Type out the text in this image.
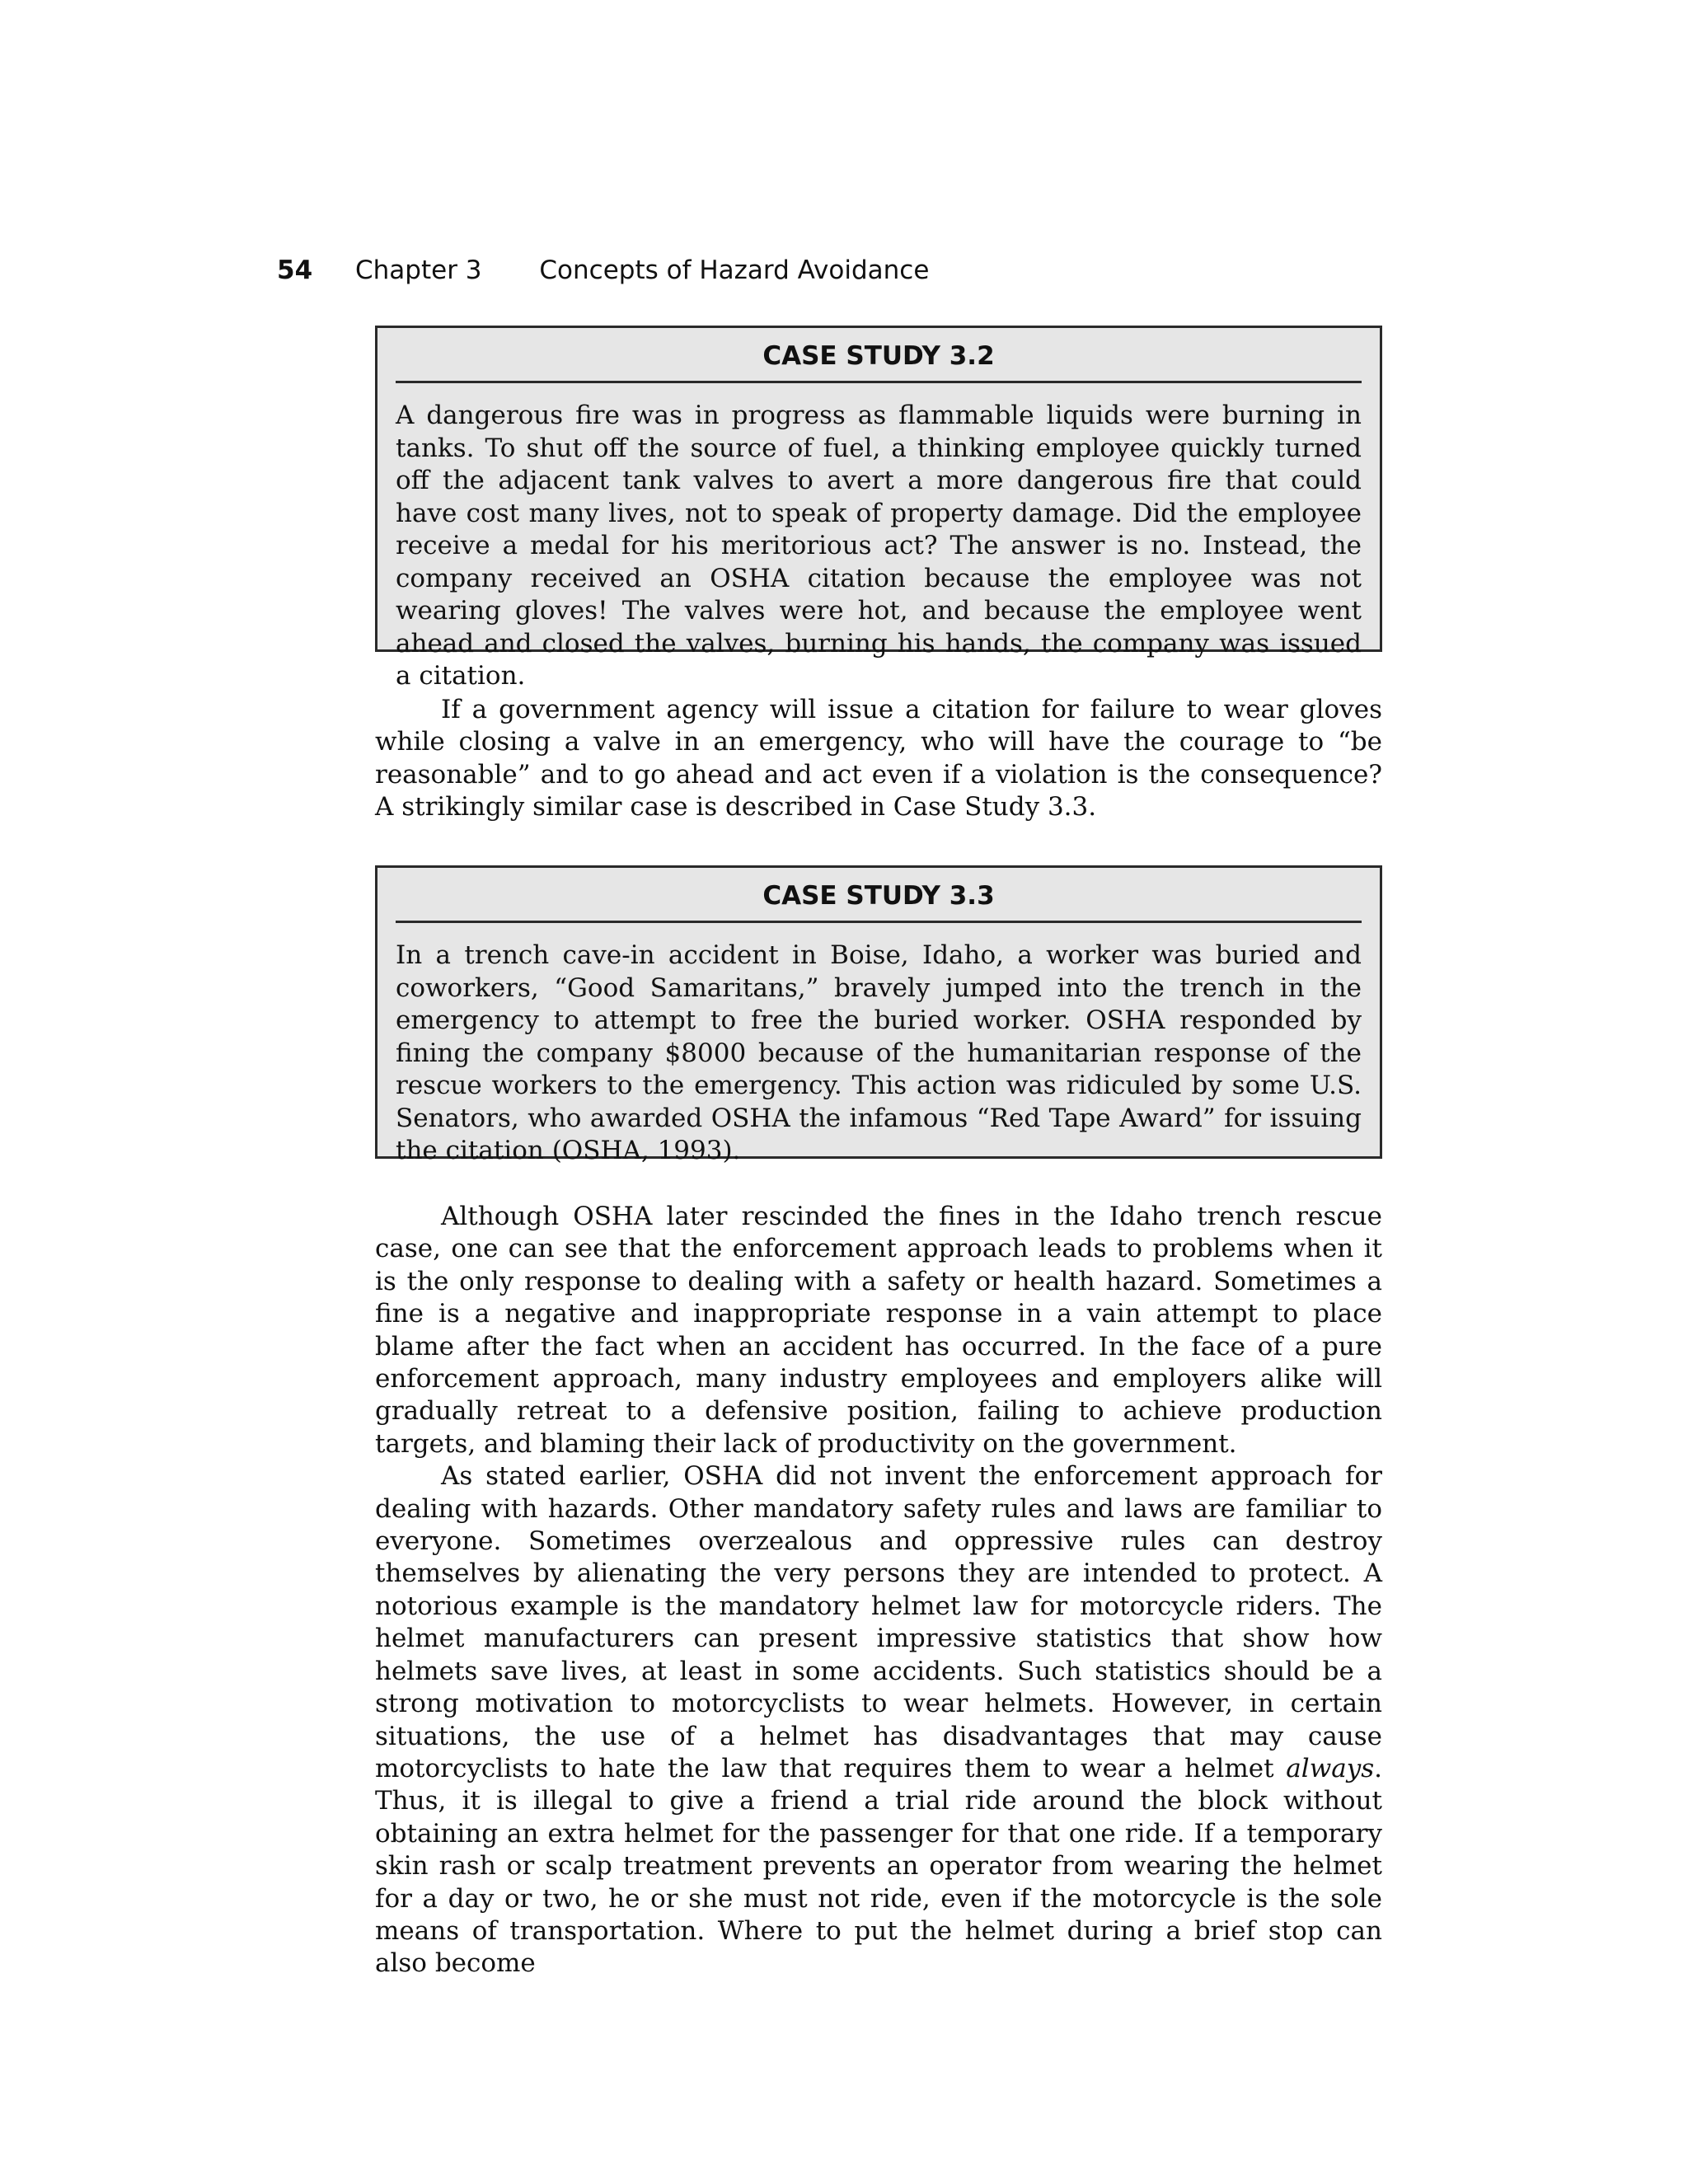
54 Chapter 3 Concepts of Hazard Avoidance
CASE STUDY 3.2

A dangerous fire was in progress as flammable liquids were burning in tanks. To shut off the source of fuel, a thinking employee quickly turned off the adjacent tank valves to avert a more dangerous fire that could have cost many lives, not to speak of property damage. Did the employee receive a medal for his meritorious act? The answer is no. Instead, the company received an OSHA citation because the employee was not wearing gloves! The valves were hot, and because the employee went ahead and closed the valves, burning his hands, the company was issued a citation.

If a government agency will issue a citation for failure to wear gloves while closing a valve in an emergency, who will have the courage to “be reasonable” and to go ahead and act even if a violation is the consequence? A strikingly similar case is described in Case Study 3.3.

CASE STUDY 3.3

In a trench cave-in accident in Boise, Idaho, a worker was buried and coworkers, “Good Samaritans,” bravely jumped into the trench in the emergency to attempt to free the buried worker. OSHA responded by fining the company $8000 because of the humanitarian response of the rescue workers to the emergency. This action was ridiculed by some U.S. Senators, who awarded OSHA the infamous “Red Tape Award” for issuing the citation (OSHA, 1993).

Although OSHA later rescinded the fines in the Idaho trench rescue case, one can see that the enforcement approach leads to problems when it is the only response to dealing with a safety or health hazard. Sometimes a fine is a negative and inappropriate response in a vain attempt to place blame after the fact when an accident has occurred. In the face of a pure enforcement approach, many industry employees and employers alike will gradually retreat to a defensive position, failing to achieve production targets, and blaming their lack of productivity on the government.

As stated earlier, OSHA did not invent the enforcement approach for dealing with hazards. Other mandatory safety rules and laws are familiar to everyone. Sometimes overzealous and oppressive rules can destroy themselves by alienating the very persons they are intended to protect. A notorious example is the mandatory helmet law for motorcycle riders. The helmet manufacturers can present impressive statistics that show how helmets save lives, at least in some accidents. Such statistics should be a strong motivation to motorcyclists to wear helmets. However, in certain situations, the use of a helmet has disadvantages that may cause motorcyclists to hate the law that requires them to wear a helmet always. Thus, it is illegal to give a friend a trial ride around the block without obtaining an extra helmet for the passenger for that one ride. If a temporary skin rash or scalp treatment prevents an operator from wearing the helmet for a day or two, he or she must not ride, even if the motorcycle is the sole means of transportation. Where to put the helmet during a brief stop can also become
